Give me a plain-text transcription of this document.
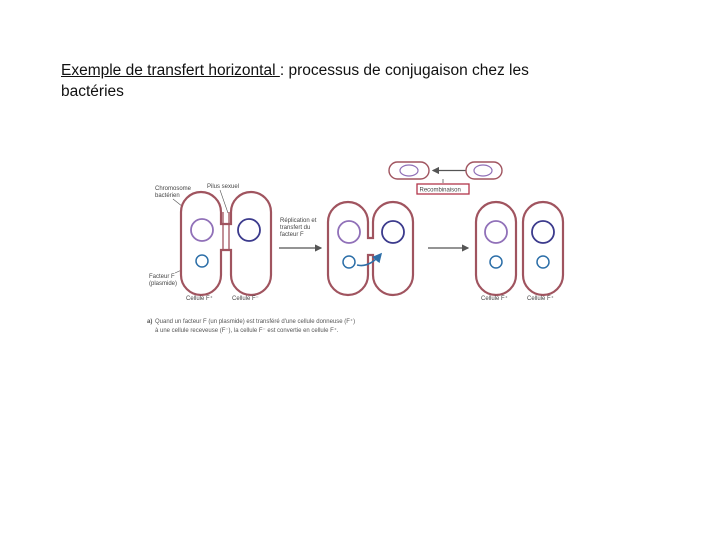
Exemple de transfert horizontal : processus de conjugaison chez les
bactéries
Recombinaison
Chromosome
bactérien
Pilus sexuel
Facteur F
(plasmide)
Cellule F⁺	Cellule F⁻
Réplication et
transfert du
facteur F
Cellule F⁺	Cellule F⁺
a) Quand un facteur F (un plasmide) est transféré d'une cellule donneuse (F⁺)
à une cellule receveuse (F⁻), la cellule F⁻ est convertie en cellule F⁺.
